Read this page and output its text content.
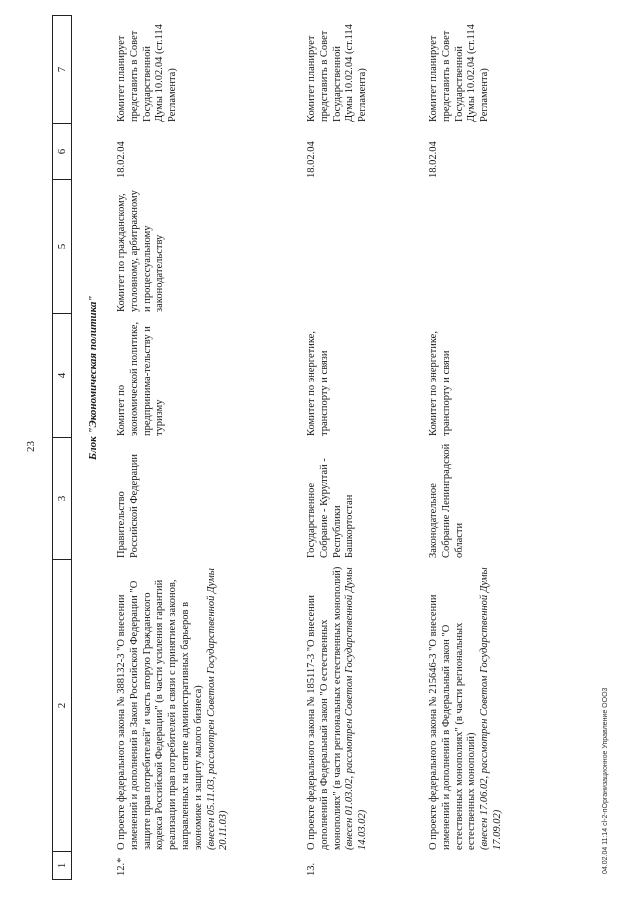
23
1
2
3
4
5
6
7
Блок "Экономическая политика"
12.*
О проекте федерального закона № 388132-3 "О внесении изменений и дополнений в Закон Российской Федерации "О защите прав потребителей" и часть вторую Гражданского кодекса Российской Федерации" (в части усиления гарантий реализации прав потребителей в связи с принятием законов, направленных на снятие административных барьеров в экономике и защиту малого бизнеса) (внесен 05.11.03, рассмотрен Советом Государственной Думы 20.11.03)
Правительство Российской Федерации
Комитет по экономической политике, предпринима-тельству и туризму
Комитет по гражданскому, уголовному, арбитражному и процессуальному законодательству
18.02.04
Комитет планирует представить в Совет Государственной Думы 10.02.04 (ст.114 Регламента)
13.
О проекте федерального закона № 185117-3 "О внесении дополнений в Федеральный закон "О естественных монополиях" (в части региональных естественных монополий) (внесен 01.03.02, рассмотрен Советом Государственной Думы 14.03.02)
Государственное Собрание - Курултай - Республики Башкортостан
Комитет по энергетике, транспорту и связи
18.02.04
Комитет планирует представить в Совет Государственной Думы 10.02.04 (ст.114 Регламента)
О проекте федерального закона № 215646-3 "О внесении изменений и дополнений в Федеральный закон "О естественных монополиях" (в части региональных естественных монополий) (внесен 17.06.02, рассмотрен Советом Государственной Думы 17.09.02)
Законодательное Собрание Ленинградской области
Комитет по энергетике, транспорту и связи
18.02.04
Комитет планирует представить в Совет Государственной Думы 10.02.04 (ст.114 Регламента)
04.02.04 11:14 cl-2-пОрганизационное Управление ООО3
